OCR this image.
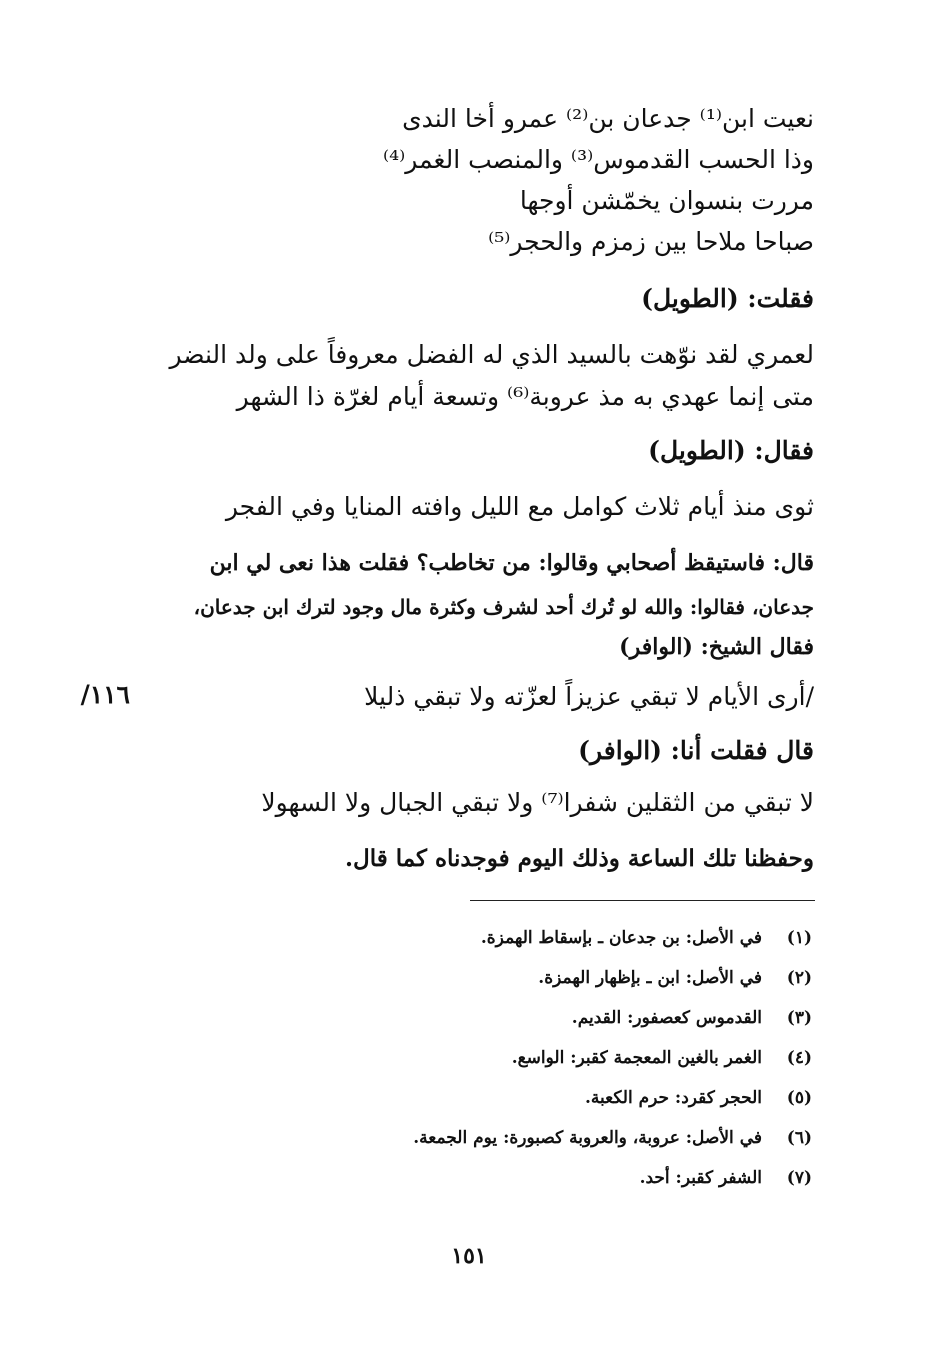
نعيت ابن⁽¹⁾ جدعان بن⁽²⁾ عمرو أخا الندى
وذا الحسب القدموس⁽³⁾ والمنصب الغمر⁽⁴⁾
مررت بنسوان يخمّشن أوجها
صباحا ملاحا بين زمزم والحجر⁽⁵⁾
فقلت: (الطويل)
لعمري لقد نوّهت بالسيد الذي له الفضل معروفاً على ولد النضر
متى إنما عهدي به مذ عروبة⁽⁶⁾ وتسعة أيام لغرّة ذا الشهر
فقال: (الطويل)
ثوى منذ أيام ثلاث كوامل مع الليل وافته المنايا وفي الفجر
قال: فاستيقظ أصحابي وقالوا: من تخاطب؟ فقلت هذا نعى لي ابن
جدعان، فقالوا: والله لو تُرك أحد لشرف وكثرة مال وجود لترك ابن جدعان،
فقال الشيخ: (الوافر)
/أرى الأيام لا تبقي عزيزاً لعزّته ولا تبقي ذليلا
١١٦/
قال فقلت أنا: (الوافر)
لا تبقي من الثقلين شفرا⁽⁷⁾ ولا تبقي الجبال ولا السهولا
وحفظنا تلك الساعة وذلك اليوم فوجدناه كما قال.
(١)في الأصل: بن جدعان ـ بإسقاط الهمزة.
(٢)في الأصل: ابن ـ بإظهار الهمزة.
(٣)القدموس كعصفور: القديم.
(٤)الغمر بالغين المعجمة كقبر: الواسع.
(٥)الحجر كقرد: حرم الكعبة.
(٦)في الأصل: عروبة، والعروبة كصبورة: يوم الجمعة.
(٧)الشفر كقبر: أحد.
١٥١
